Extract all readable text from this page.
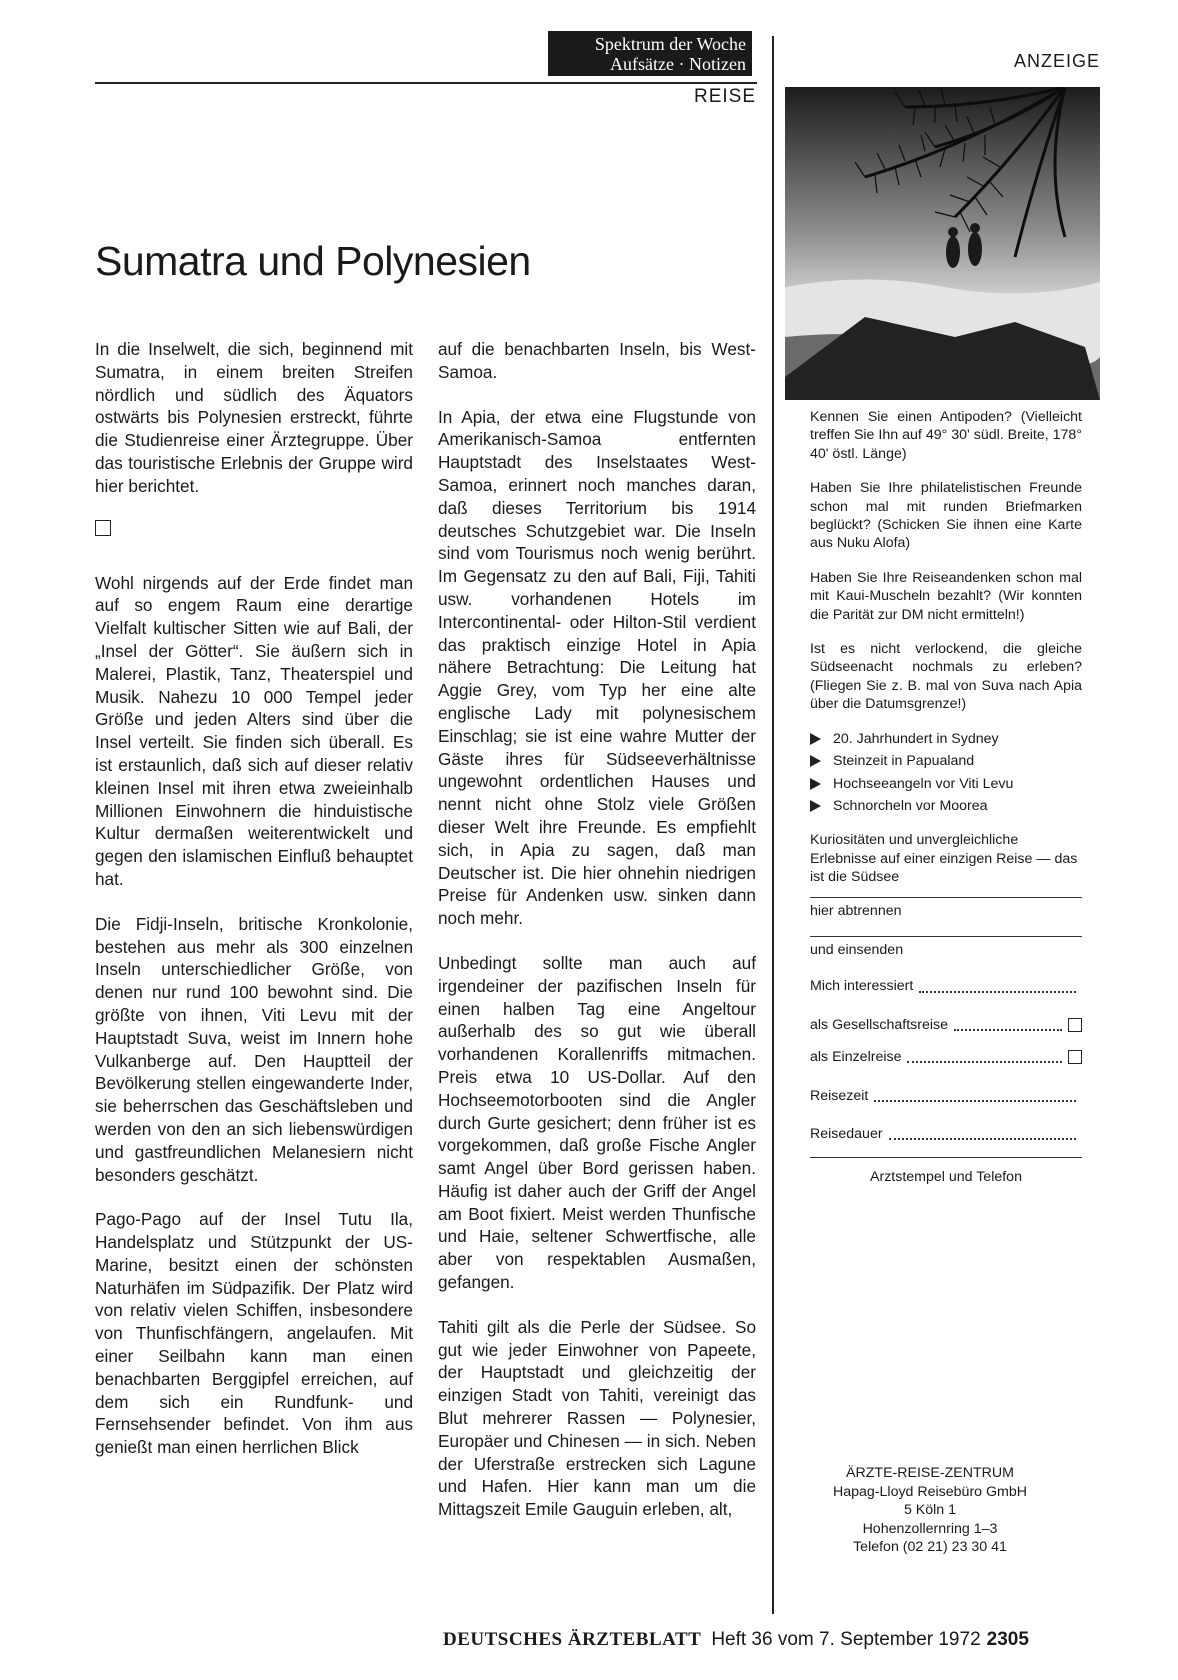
Spektrum der Woche
Aufsätze · Notizen
REISE
ANZEIGE
Sumatra und Polynesien

In die Inselwelt, die sich, beginnend mit Sumatra, in einem breiten Streifen nördlich und südlich des Äquators ostwärts bis Polynesien erstreckt, führte die Studienreise einer Ärztegruppe. Über das touristische Erlebnis der Gruppe wird hier berichtet.

Wohl nirgends auf der Erde findet man auf so engem Raum eine derartige Vielfalt kultischer Sitten wie auf Bali, der „Insel der Götter“. Sie äußern sich in Malerei, Plastik, Tanz, Theaterspiel und Musik. Nahezu 10 000 Tempel jeder Größe und jeden Alters sind über die Insel verteilt. Sie finden sich überall. Es ist erstaunlich, daß sich auf dieser relativ kleinen Insel mit ihren etwa zweieinhalb Millionen Einwohnern die hinduistische Kultur dermaßen weiterentwickelt und gegen den islamischen Einfluß behauptet hat.

Die Fidji-Inseln, britische Kronkolonie, bestehen aus mehr als 300 einzelnen Inseln unterschiedlicher Größe, von denen nur rund 100 bewohnt sind. Die größte von ihnen, Viti Levu mit der Hauptstadt Suva, weist im Innern hohe Vulkanberge auf. Den Hauptteil der Bevölkerung stellen eingewanderte Inder, sie beherrschen das Geschäftsleben und werden von den an sich liebenswürdigen und gastfreundlichen Melanesiern nicht besonders geschätzt.

Pago-Pago auf der Insel Tutu Ila, Handelsplatz und Stützpunkt der US-Marine, besitzt einen der schönsten Naturhäfen im Südpazifik. Der Platz wird von relativ vielen Schiffen, insbesondere von Thunfischfängern, angelaufen. Mit einer Seilbahn kann man einen benachbarten Berggipfel erreichen, auf dem sich ein Rundfunk- und Fernsehsender befindet. Von ihm aus genießt man einen herrlichen Blick

auf die benachbarten Inseln, bis West-Samoa.

In Apia, der etwa eine Flugstunde von Amerikanisch-Samoa entfernten Hauptstadt des Inselstaates West-Samoa, erinnert noch manches daran, daß dieses Territorium bis 1914 deutsches Schutzgebiet war. Die Inseln sind vom Tourismus noch wenig berührt. Im Gegensatz zu den auf Bali, Fiji, Tahiti usw. vorhandenen Hotels im Intercontinental- oder Hilton-Stil verdient das praktisch einzige Hotel in Apia nähere Betrachtung: Die Leitung hat Aggie Grey, vom Typ her eine alte englische Lady mit polynesischem Einschlag; sie ist eine wahre Mutter der Gäste ihres für Südseeverhältnisse ungewohnt ordentlichen Hauses und nennt nicht ohne Stolz viele Größen dieser Welt ihre Freunde. Es empfiehlt sich, in Apia zu sagen, daß man Deutscher ist. Die hier ohnehin niedrigen Preise für Andenken usw. sinken dann noch mehr.

Unbedingt sollte man auch auf irgendeiner der pazifischen Inseln für einen halben Tag eine Angeltour außerhalb des so gut wie überall vorhandenen Korallenriffs mitmachen. Preis etwa 10 US-Dollar. Auf den Hochseemotorbooten sind die Angler durch Gurte gesichert; denn früher ist es vorgekommen, daß große Fische Angler samt Angel über Bord gerissen haben. Häufig ist daher auch der Griff der Angel am Boot fixiert. Meist werden Thunfische und Haie, seltener Schwertfische, alle aber von respektablen Ausmaßen, gefangen.

Tahiti gilt als die Perle der Südsee. So gut wie jeder Einwohner von Papeete, der Hauptstadt und gleichzeitig der einzigen Stadt von Tahiti, vereinigt das Blut mehrerer Rassen — Polynesier, Europäer und Chinesen — in sich. Neben der Uferstraße erstrecken sich Lagune und Hafen. Hier kann man um die Mittagszeit Emile Gauguin erleben, alt,

Kennen Sie einen Antipoden? (Vielleicht treffen Sie Ihn auf 49° 30' südl. Breite, 178° 40' östl. Länge)

Haben Sie Ihre philatelistischen Freunde schon mal mit runden Briefmarken beglückt? (Schicken Sie ihnen eine Karte aus Nuku Alofa)

Haben Sie Ihre Reiseandenken schon mal mit Kaui-Muscheln bezahlt? (Wir konnten die Parität zur DM nicht ermitteln!)

Ist es nicht verlockend, die gleiche Südseenacht nochmals zu erleben? (Fliegen Sie z. B. mal von Suva nach Apia über die Datumsgrenze!)

20. Jahrhundert in Sydney
Steinzeit in Papualand
Hochseeangeln vor Viti Levu
Schnorcheln vor Moorea

Kuriositäten und unvergleichliche Erlebnisse auf einer einzigen Reise — das ist die Südsee

hier abtrennen

und einsenden

Mich interessiert
als Gesellschaftsreise
als Einzelreise
Reisezeit
Reisedauer
Arztstempel und Telefon
ÄRZTE-REISE-ZENTRUM
Hapag-Lloyd Reisebüro GmbH
5 Köln 1
Hohenzollernring 1–3
Telefon (02 21) 23 30 41
DEUTSCHES ÄRZTEBLATT Heft 36 vom 7. September 1972 2305
